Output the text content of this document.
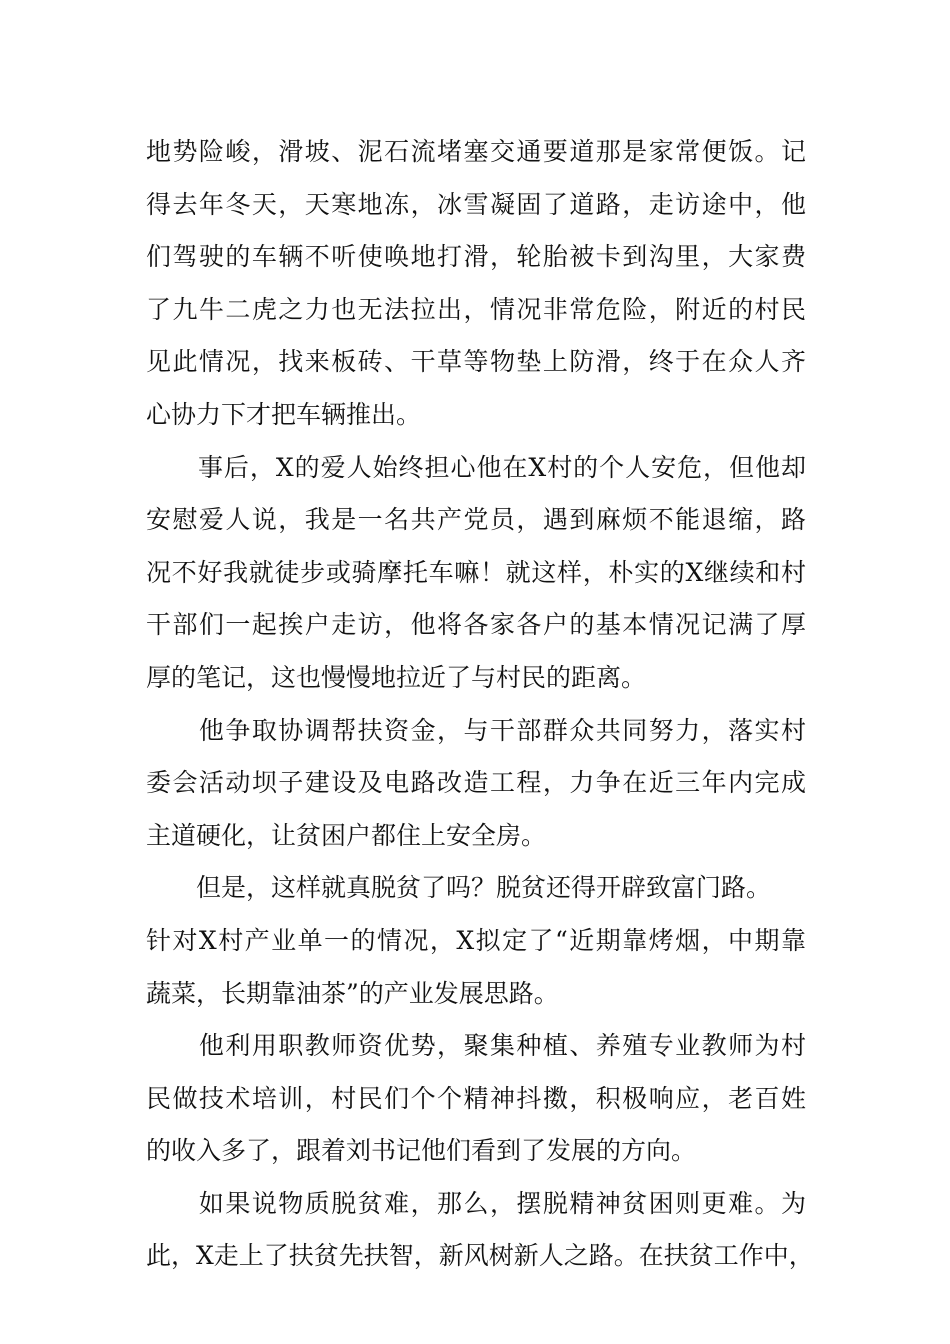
地势险峻，滑坡、泥石流堵塞交通要道那是家常便饭。记
得去年冬天，天寒地冻，冰雪凝固了道路，走访途中，他
们驾驶的车辆不听使唤地打滑，轮胎被卡到沟里，大家费
了九牛二虎之力也无法拉出，情况非常危险，附近的村民
见此情况，找来板砖、干草等物垫上防滑，终于在众人齐
心协力下才把车辆推出。
　　事后，X的爱人始终担心他在X村的个人安危，但他却
安慰爱人说，我是一名共产党员，遇到麻烦不能退缩，路
况不好我就徒步或骑摩托车嘛！就这样，朴实的X继续和村
干部们一起挨户走访，他将各家各户的基本情况记满了厚
厚的笔记，这也慢慢地拉近了与村民的距离。
　　他争取协调帮扶资金，与干部群众共同努力，落实村
委会活动坝子建设及电路改造工程，力争在近三年内完成
主道硬化，让贫困户都住上安全房。
　　但是，这样就真脱贫了吗？脱贫还得开辟致富门路。
针对X村产业单一的情况，X拟定了“近期靠烤烟，中期靠
蔬菜，长期靠油茶”的产业发展思路。
　　他利用职教师资优势，聚集种植、养殖专业教师为村
民做技术培训，村民们个个精神抖擞，积极响应，老百姓
的收入多了，跟着刘书记他们看到了发展的方向。
　　如果说物质脱贫难，那么，摆脱精神贫困则更难。为
此，X走上了扶贫先扶智，新风树新人之路。在扶贫工作中，
